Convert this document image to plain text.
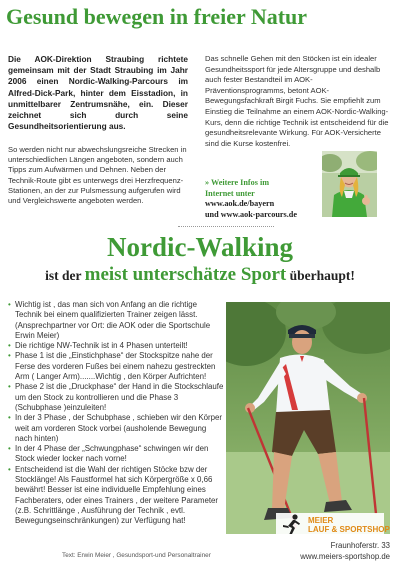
Gesund bewegen in freier Natur
Die AOK-Direktion Straubing richtete gemeinsam mit der Stadt Straubing im Jahr 2006 einen Nordic-Walking-Parcours im Alfred-Dick-Park, hinter dem Eisstadion, in unmittelbarer Zentrumsnähe, ein. Dieser zeichnet sich durch seine Gesundheitsorientierung aus.
So werden nicht nur abwechslungsreiche Strecken in unterschiedlichen Längen angeboten, sondern auch Tipps zum Aufwärmen und Dehnen. Neben der Technik-Route gibt es unterwegs drei Herzfrequenz-Stationen, an der zur Pulsmessung aufgerufen wird und Vergleichswerte angeboten werden.
Das schnelle Gehen mit den Stöcken ist ein idealer Gesundheitssport für jede Altersgruppe und deshalb auch fester Bestandteil im AOK-Präventionsprogramms, betont AOK-Bewegungsfachkraft Birgit Fuchs. Sie empfiehlt zum Einstieg die Teilnahme an einem AOK-Nordic-Walking-Kurs, denn die richtige Technik ist entscheidend für die gesundheitsrelevante Wirkung. Für AOK-Versicherte sind die Kurse kostenfrei.
» Weitere Infos im
Internet unter
www.aok.de/bayern
und www.aok-parcours.de
Nordic-Walking
ist der meist unterschätze Sport überhaupt!
• Wichtig ist , das man sich von Anfang an die richtige Technik bei einem qualifizierten Trainer zeigen lässt. (Ansprechpartner vor Ort: die AOK oder die Sportschule Erwin Meier)
• Die richtige NW-Technik ist in 4 Phasen unterteilt!
• Phase 1 ist die „Einstichphase“ der Stockspitze nahe der Ferse des vorderen Fußes bei einem nahezu gestreckten Arm ( Langer Arm).......Wichtig , den Körper Aufrichten!
• Phase 2 ist die „Druckphase“ der Hand in die Stockschlaufe um den Stock zu kontrollieren und die Phase 3 (Schubphase )einzuleiten!
• In der 3 Phase , der Schubphase , schieben wir den Körper weit am vorderen Stock vorbei (ausholende Bewegung nach hinten)
• In der 4 Phase der „Schwungphase“ schwingen wir den Stock wieder locker nach vorne!
• Entscheidend ist die Wahl der richtigen Stöcke bzw der Stocklänge! Als Faustformel hat sich Körpergröße x 0,66 bewährt! Besser ist eine individuelle Empfehlung eines Fachberaters, oder eines Trainers , der weitere Parameter (z.B. Schrittlänge , Ausführung der Technik , evtl. Bewegungseinschränkungen) zur Verfügung hat!
Text: Erwin Meier , Gesundsport-und Personaltrainer
MEIER
LAUF & SPORTSHOP
Fraunhoferstr. 33
www.meiers-sportshop.de
